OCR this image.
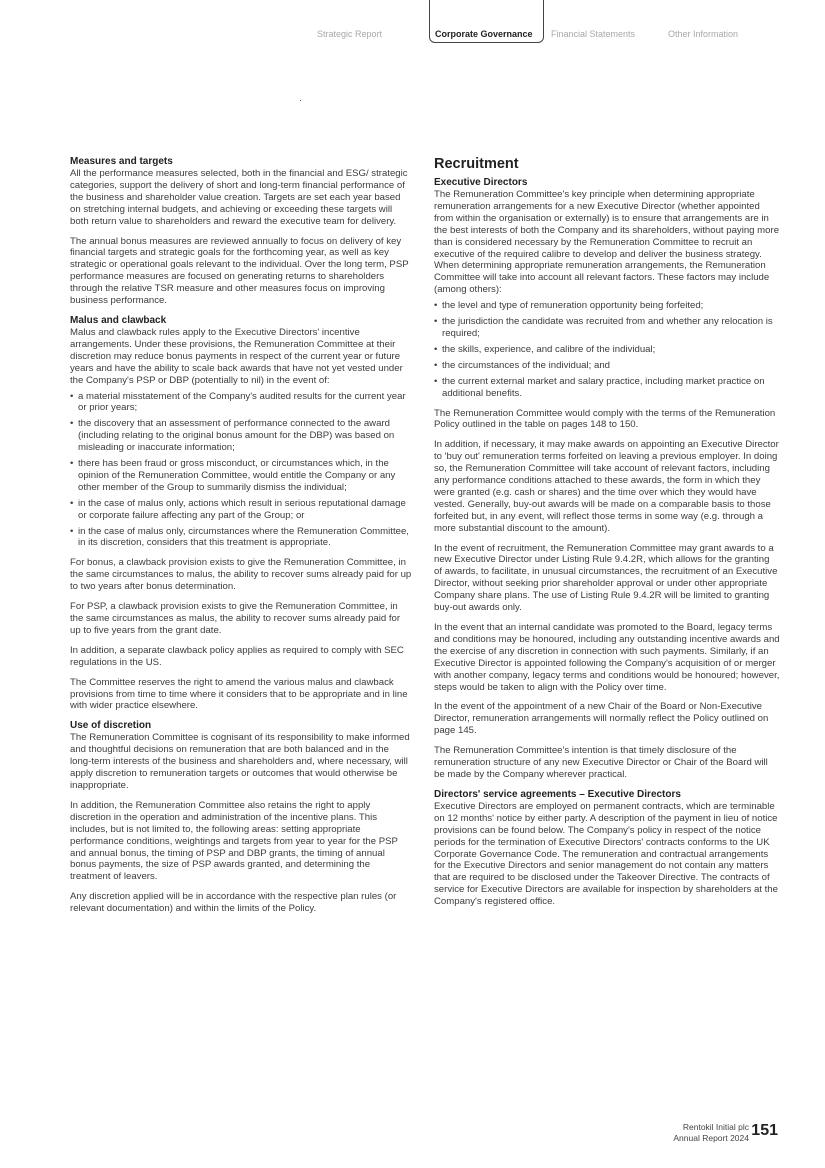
Strategic Report	Corporate Governance Financial Statements	Other Information
Measures and targets

All the performance measures selected, both in the financial and ESG/ strategic categories, support the delivery of short and long-term financial performance of the business and shareholder value creation. Targets are set each year based on stretching internal budgets, and achieving or exceeding these targets will both return value to shareholders and reward the executive team for delivery.

The annual bonus measures are reviewed annually to focus on delivery of key financial targets and strategic goals for the forthcoming year, as well as key strategic or operational goals relevant to the individual. Over the long term, PSP performance measures are focused on generating returns to shareholders through the relative TSR measure and other measures focus on improving business performance.

Malus and clawback

Malus and clawback rules apply to the Executive Directors' incentive arrangements. Under these provisions, the Remuneration Committee at their discretion may reduce bonus payments in respect of the current year or future years and have the ability to scale back awards that have not yet vested under the Company's PSP or DBP (potentially to nil) in the event of:

• a material misstatement of the Company's audited results for the current year or prior years;
• the discovery that an assessment of performance connected to the award (including relating to the original bonus amount for the DBP) was based on misleading or inaccurate information;
• there has been fraud or gross misconduct, or circumstances which, in the opinion of the Remuneration Committee, would entitle the Company or any other member of the Group to summarily dismiss the individual;
• in the case of malus only, actions which result in serious reputational damage or corporate failure affecting any part of the Group; or
• in the case of malus only, circumstances where the Remuneration Committee, in its discretion, considers that this treatment is appropriate.

For bonus, a clawback provision exists to give the Remuneration Committee, in the same circumstances to malus, the ability to recover sums already paid for up to two years after bonus determination.

For PSP, a clawback provision exists to give the Remuneration Committee, in the same circumstances as malus, the ability to recover sums already paid for up to five years from the grant date.

In addition, a separate clawback policy applies as required to comply with SEC regulations in the US.

The Committee reserves the right to amend the various malus and clawback provisions from time to time where it considers that to be appropriate and in line with wider practice elsewhere.

Use of discretion

The Remuneration Committee is cognisant of its responsibility to make informed and thoughtful decisions on remuneration that are both balanced and in the long-term interests of the business and shareholders and, where necessary, will apply discretion to remuneration targets or outcomes that would otherwise be inappropriate.

In addition, the Remuneration Committee also retains the right to apply discretion in the operation and administration of the incentive plans. This includes, but is not limited to, the following areas: setting appropriate performance conditions, weightings and targets from year to year for the PSP and annual bonus, the timing of PSP and DBP grants, the timing of annual bonus payments, the size of PSP awards granted, and determining the treatment of leavers.

Any discretion applied will be in accordance with the respective plan rules (or relevant documentation) and within the limits of the Policy.

Recruitment
Executive Directors

The Remuneration Committee's key principle when determining appropriate remuneration arrangements for a new Executive Director (whether appointed from within the organisation or externally) is to ensure that arrangements are in the best interests of both the Company and its shareholders, without paying more than is considered necessary by the Remuneration Committee to recruit an executive of the required calibre to develop and deliver the business strategy. When determining appropriate remuneration arrangements, the Remuneration Committee will take into account all relevant factors. These factors may include (among others):

• the level and type of remuneration opportunity being forfeited;
• the jurisdiction the candidate was recruited from and whether any relocation is required;
• the skills, experience, and calibre of the individual;
• the circumstances of the individual; and
• the current external market and salary practice, including market practice on additional benefits.

The Remuneration Committee would comply with the terms of the Remuneration Policy outlined in the table on pages 148 to 150.

In addition, if necessary, it may make awards on appointing an Executive Director to 'buy out' remuneration terms forfeited on leaving a previous employer. In doing so, the Remuneration Committee will take account of relevant factors, including any performance conditions attached to these awards, the form in which they were granted (e.g. cash or shares) and the time over which they would have vested. Generally, buy-out awards will be made on a comparable basis to those forfeited but, in any event, will reflect those terms in some way (e.g. through a more substantial discount to the amount).

In the event of recruitment, the Remuneration Committee may grant awards to a new Executive Director under Listing Rule 9.4.2R, which allows for the granting of awards, to facilitate, in unusual circumstances, the recruitment of an Executive Director, without seeking prior shareholder approval or under other appropriate Company share plans. The use of Listing Rule 9.4.2R will be limited to granting buy-out awards only.

In the event that an internal candidate was promoted to the Board, legacy terms and conditions may be honoured, including any outstanding incentive awards and the exercise of any discretion in connection with such payments. Similarly, if an Executive Director is appointed following the Company's acquisition of or merger with another company, legacy terms and conditions would be honoured; however, steps would be taken to align with the Policy over time.

In the event of the appointment of a new Chair of the Board or Non-Executive Director, remuneration arrangements will normally reflect the Policy outlined on page 145.

The Remuneration Committee's intention is that timely disclosure of the remuneration structure of any new Executive Director or Chair of the Board will be made by the Company wherever practical.

Directors' service agreements – Executive Directors

Executive Directors are employed on permanent contracts, which are terminable on 12 months' notice by either party. A description of the payment in lieu of notice provisions can be found below. The Company's policy in respect of the notice periods for the termination of Executive Directors' contracts conforms to the UK Corporate Governance Code. The remuneration and contractual arrangements for the Executive Directors and senior management do not contain any matters that are required to be disclosed under the Takeover Directive. The contracts of service for Executive Directors are available for inspection by shareholders at the Company's registered office.

Rentokil Initial plc
Annual Report 2024 151
